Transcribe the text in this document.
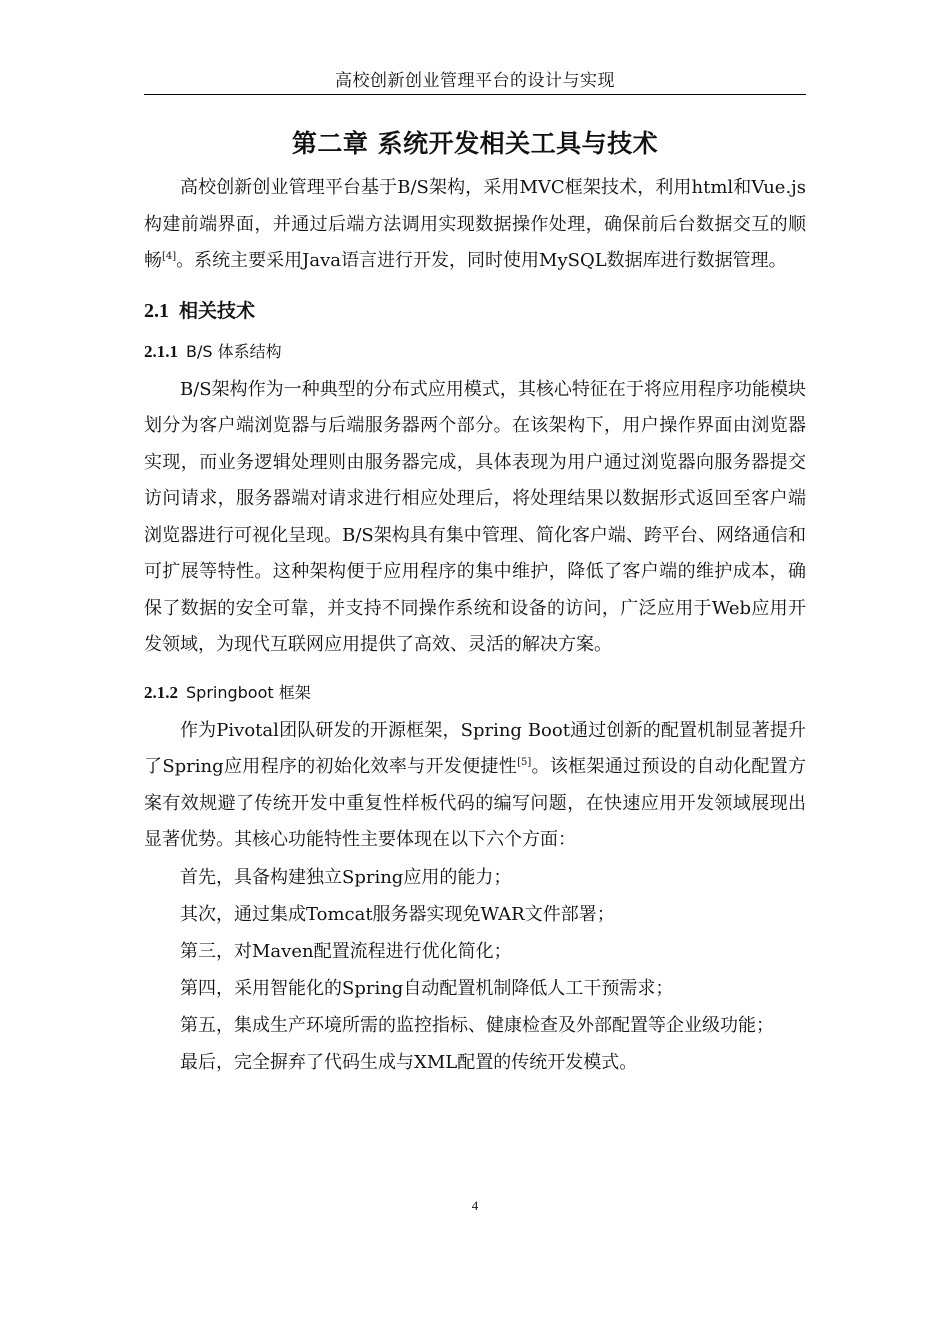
高校创新创业管理平台的设计与实现
第二章 系统开发相关工具与技术

高校创新创业管理平台基于B/S架构，采用MVC框架技术，利用html和Vue.js构建前端界面，并通过后端方法调用实现数据操作处理，确保前后台数据交互的顺畅[4]。系统主要采用Java语言进行开发，同时使用MySQL数据库进行数据管理。

2.1 相关技术
2.1.1 B/S 体系结构

B/S架构作为一种典型的分布式应用模式，其核心特征在于将应用程序功能模块划分为客户端浏览器与后端服务器两个部分。在该架构下，用户操作界面由浏览器实现，而业务逻辑处理则由服务器完成，具体表现为用户通过浏览器向服务器提交访问请求，服务器端对请求进行相应处理后，将处理结果以数据形式返回至客户端浏览器进行可视化呈现。B/S架构具有集中管理、简化客户端、跨平台、网络通信和可扩展等特性。这种架构便于应用程序的集中维护，降低了客户端的维护成本，确保了数据的安全可靠，并支持不同操作系统和设备的访问，广泛应用于Web应用开发领域，为现代互联网应用提供了高效、灵活的解决方案。

2.1.2 Springboot 框架

作为Pivotal团队研发的开源框架，Spring Boot通过创新的配置机制显著提升了Spring应用程序的初始化效率与开发便捷性[5]。该框架通过预设的自动化配置方案有效规避了传统开发中重复性样板代码的编写问题，在快速应用开发领域展现出显著优势。其核心功能特性主要体现在以下六个方面：

首先，具备构建独立Spring应用的能力；

其次，通过集成Tomcat服务器实现免WAR文件部署；

第三，对Maven配置流程进行优化简化；

第四，采用智能化的Spring自动配置机制降低人工干预需求；

第五，集成生产环境所需的监控指标、健康检查及外部配置等企业级功能；

最后，完全摒弃了代码生成与XML配置的传统开发模式。

4
